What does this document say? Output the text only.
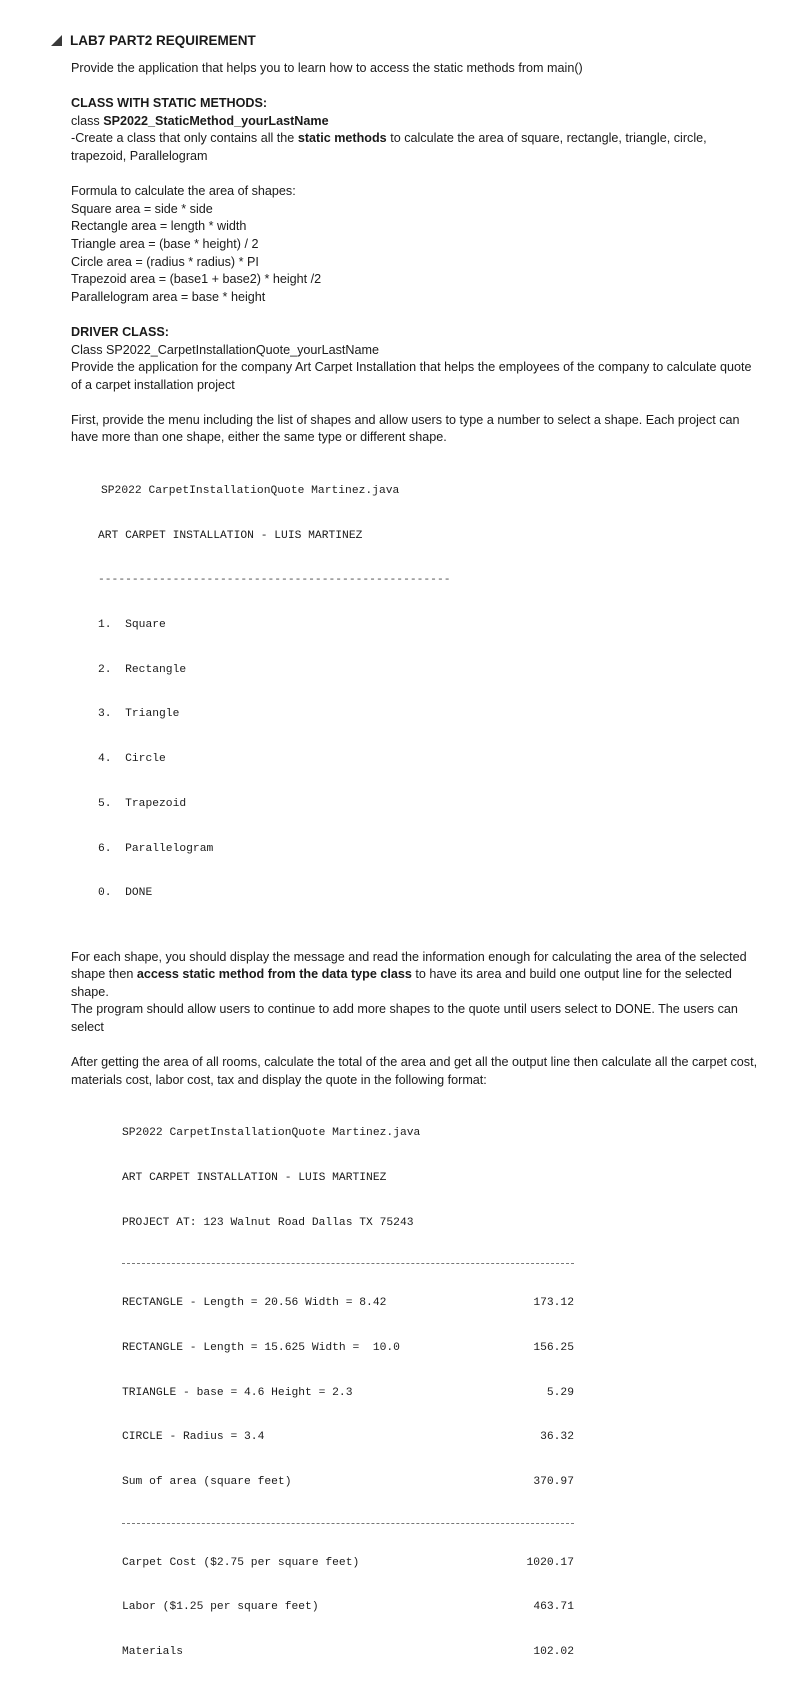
LAB7 PART2 REQUIREMENT
Provide the application that helps you to learn how to access the static methods from main()
CLASS WITH STATIC METHODS:
class SP2022_StaticMethod_yourLastName
-Create a class that only contains all the static methods to calculate the area of square, rectangle, triangle, circle, trapezoid, Parallelogram
Formula to calculate the area of shapes:
Square area = side * side
Rectangle area = length * width
Triangle area = (base * height) / 2
Circle area = (radius * radius) * PI
Trapezoid area = (base1 + base2) * height /2
Parallelogram area = base * height
DRIVER CLASS:
Class SP2022_CarpetInstallationQuote_yourLastName
Provide the application for the company Art Carpet Installation that helps the employees of the company to calculate quote of a carpet installation project
First, provide the menu including the list of shapes and allow users to type a number to select a shape. Each project can have more than one shape, either the same type or different shape.

SP2022 CarpetInstallationQuote Martinez.java

ART CARPET INSTALLATION - LUIS MARTINEZ

----------------------------------------------------

1.  Square

2.  Rectangle

3.  Triangle

4.  Circle

5.  Trapezoid

6.  Parallelogram

0.  DONE

For each shape, you should display the message and read the information enough for calculating the area of the selected shape then access static method from the data type class to have its area and build one output line for the selected shape.
The program should allow users to continue to add more shapes to the quote until users select to DONE. The users can select
After getting the area of all rooms, calculate the total of the area and get all the output line then calculate all the carpet cost, materials cost, labor cost, tax and display the quote in the following format:

SP2022 CarpetInstallationQuote Martinez.java

ART CARPET INSTALLATION - LUIS MARTINEZ

PROJECT AT: 123 Walnut Road Dallas TX 75243

RECTANGLE - Length = 20.56 Width = 8.42	173.12

RECTANGLE - Length = 15.625 Width =  10.0	156.25

TRIANGLE - base = 4.6 Height = 2.3	5.29

CIRCLE - Radius = 3.4	36.32

Sum of area (square feet)	370.97

Carpet Cost ($2.75 per square feet)	1020.17

Labor ($1.25 per square feet)	463.71

Materials	102.02
